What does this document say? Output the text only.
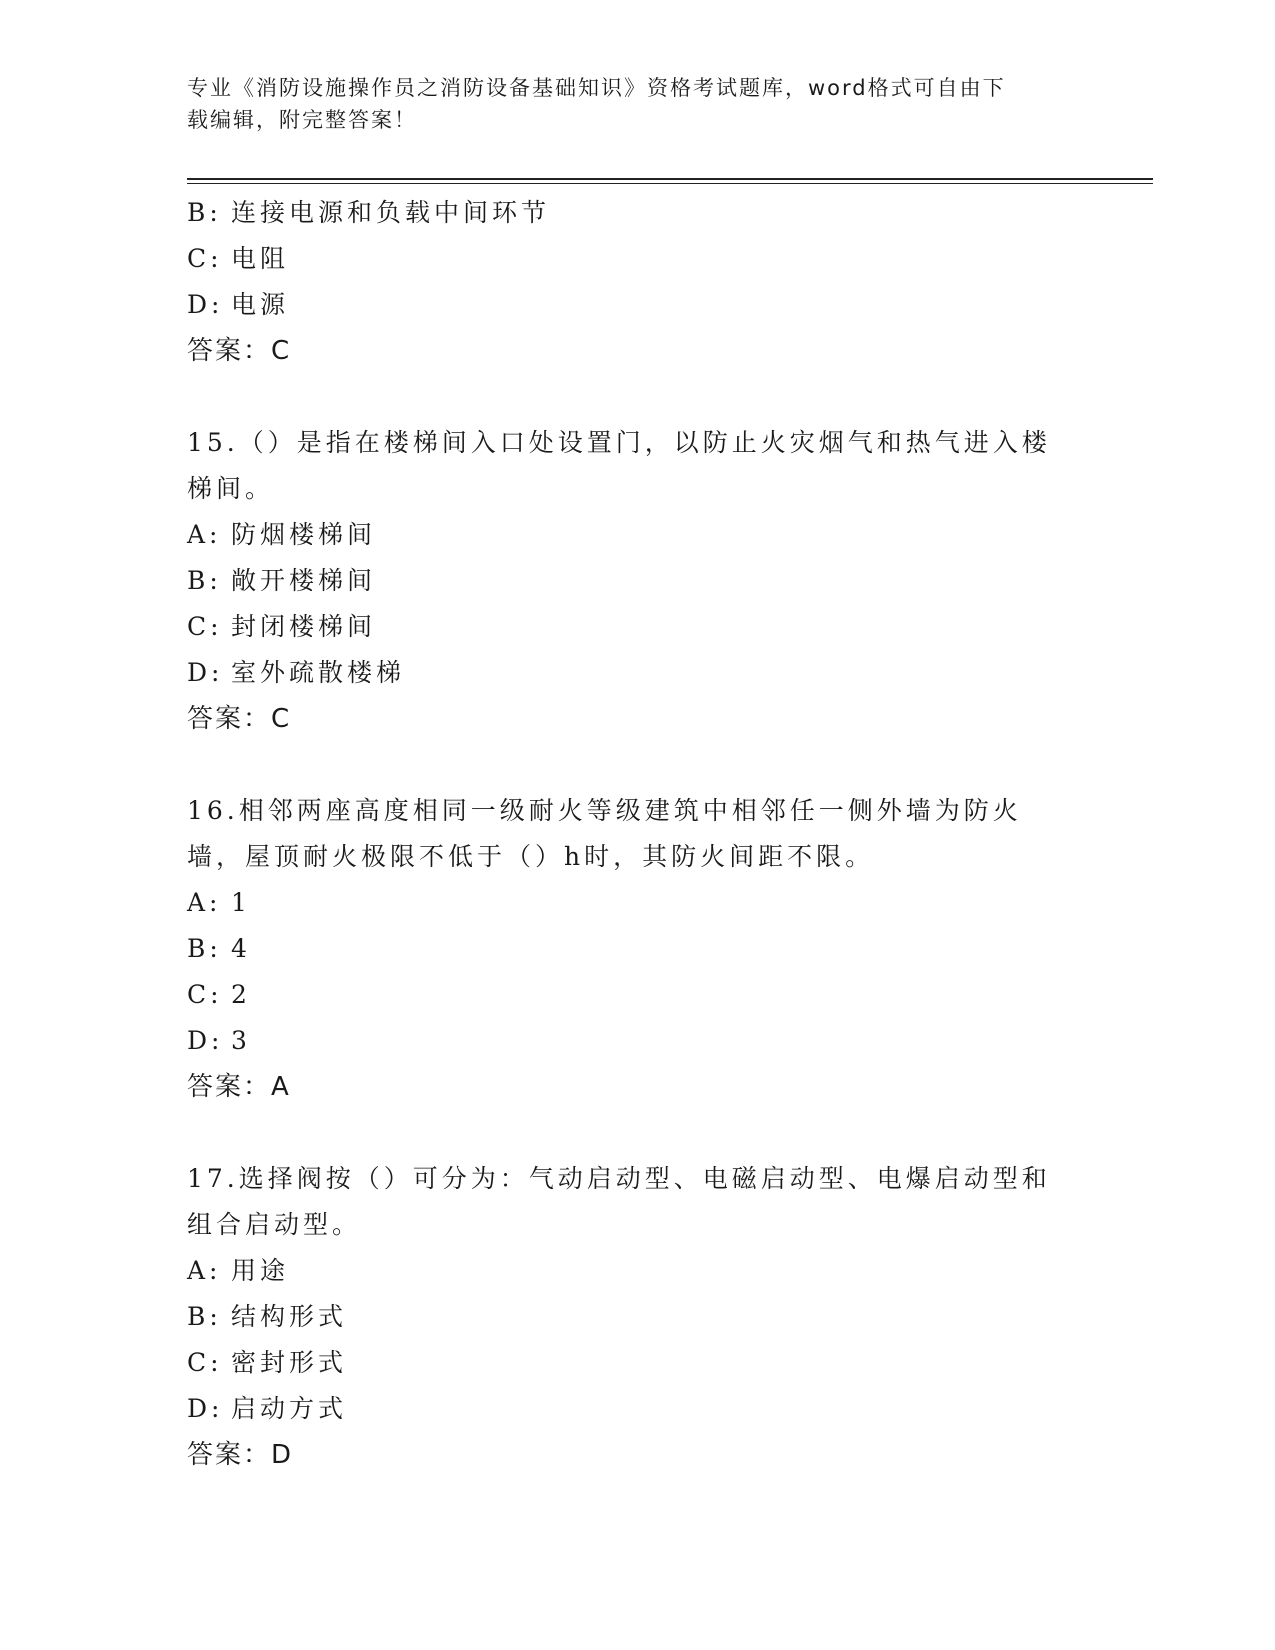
专业《消防设施操作员之消防设备基础知识》资格考试题库，word格式可自由下
载编辑，附完整答案！
B: 连接电源和负载中间环节
C: 电阻
D: 电源
答案：C
15.（）是指在楼梯间入口处设置门，以防止火灾烟气和热气进入楼梯间。
A: 防烟楼梯间
B: 敞开楼梯间
C: 封闭楼梯间
D: 室外疏散楼梯
答案：C
16.相邻两座高度相同一级耐火等级建筑中相邻任一侧外墙为防火墙，屋顶耐火极限不低于（）h时，其防火间距不限。
A: 1
B: 4
C: 2
D: 3
答案：A
17.选择阀按（）可分为：气动启动型、电磁启动型、电爆启动型和组合启动型。
A: 用途
B: 结构形式
C: 密封形式
D: 启动方式
答案：D
